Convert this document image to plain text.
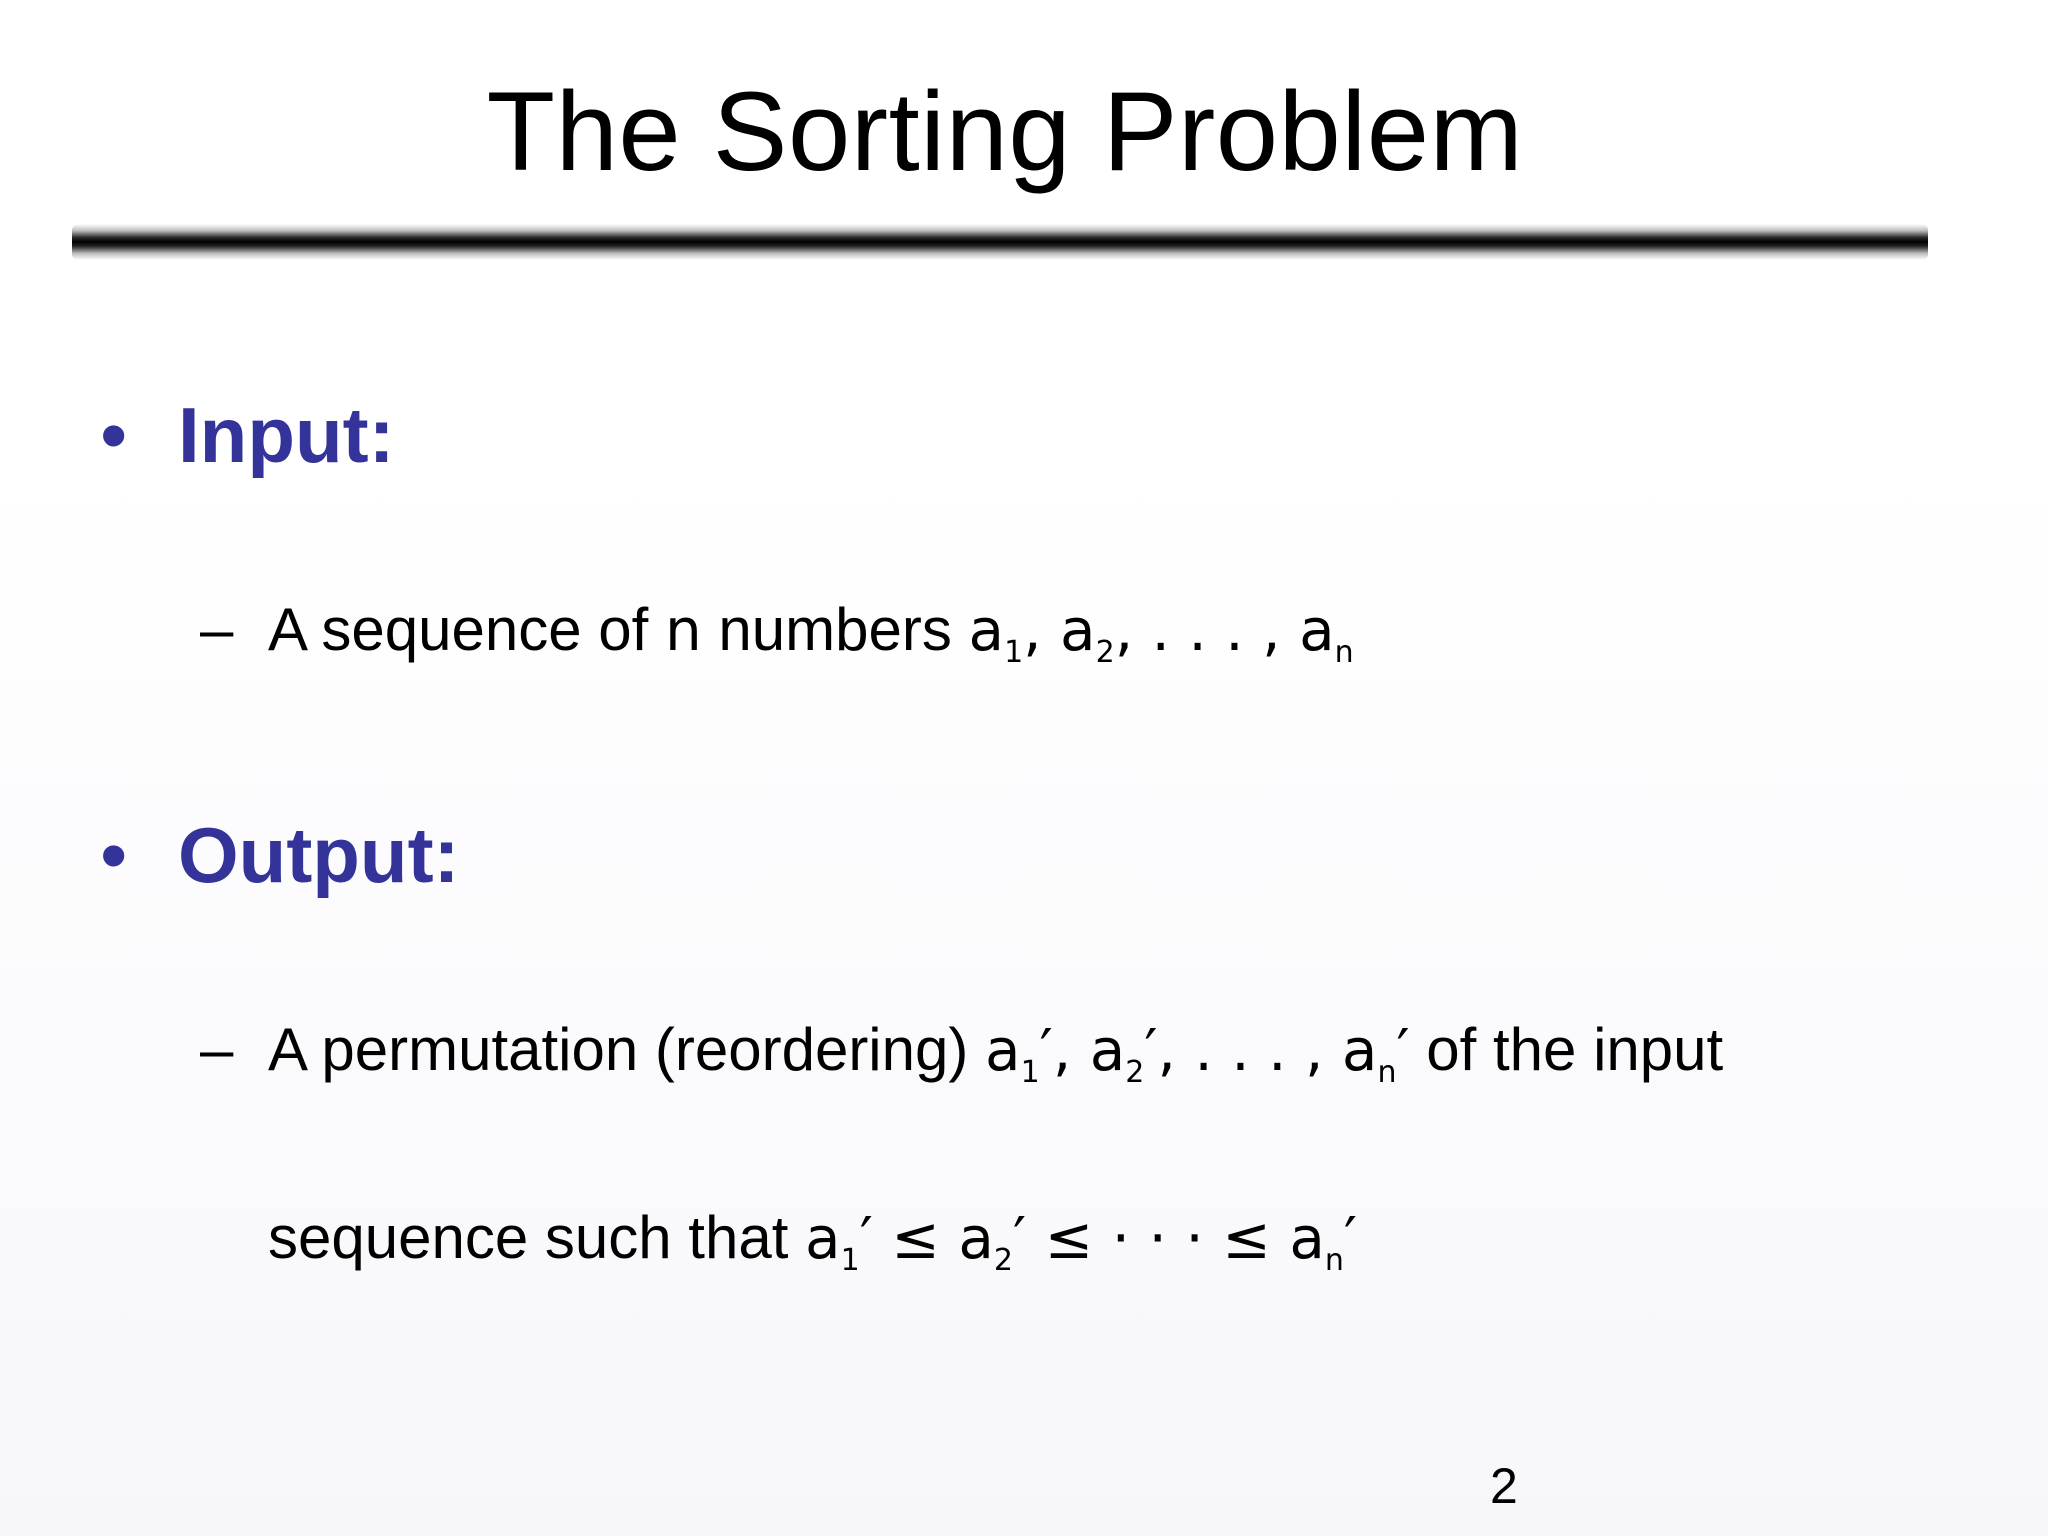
The Sorting Problem
• Input:
– A sequence of n numbers $a_1$, $a_2$, . . . , $a_n$
• Output:
– A permutation (reordering) $a_1'$, $a_2'$, . . . , $a_n'$ of the input
sequence such that $a_1' \le a_2'$ ≤ · · · ≤ $a_n'$
2
